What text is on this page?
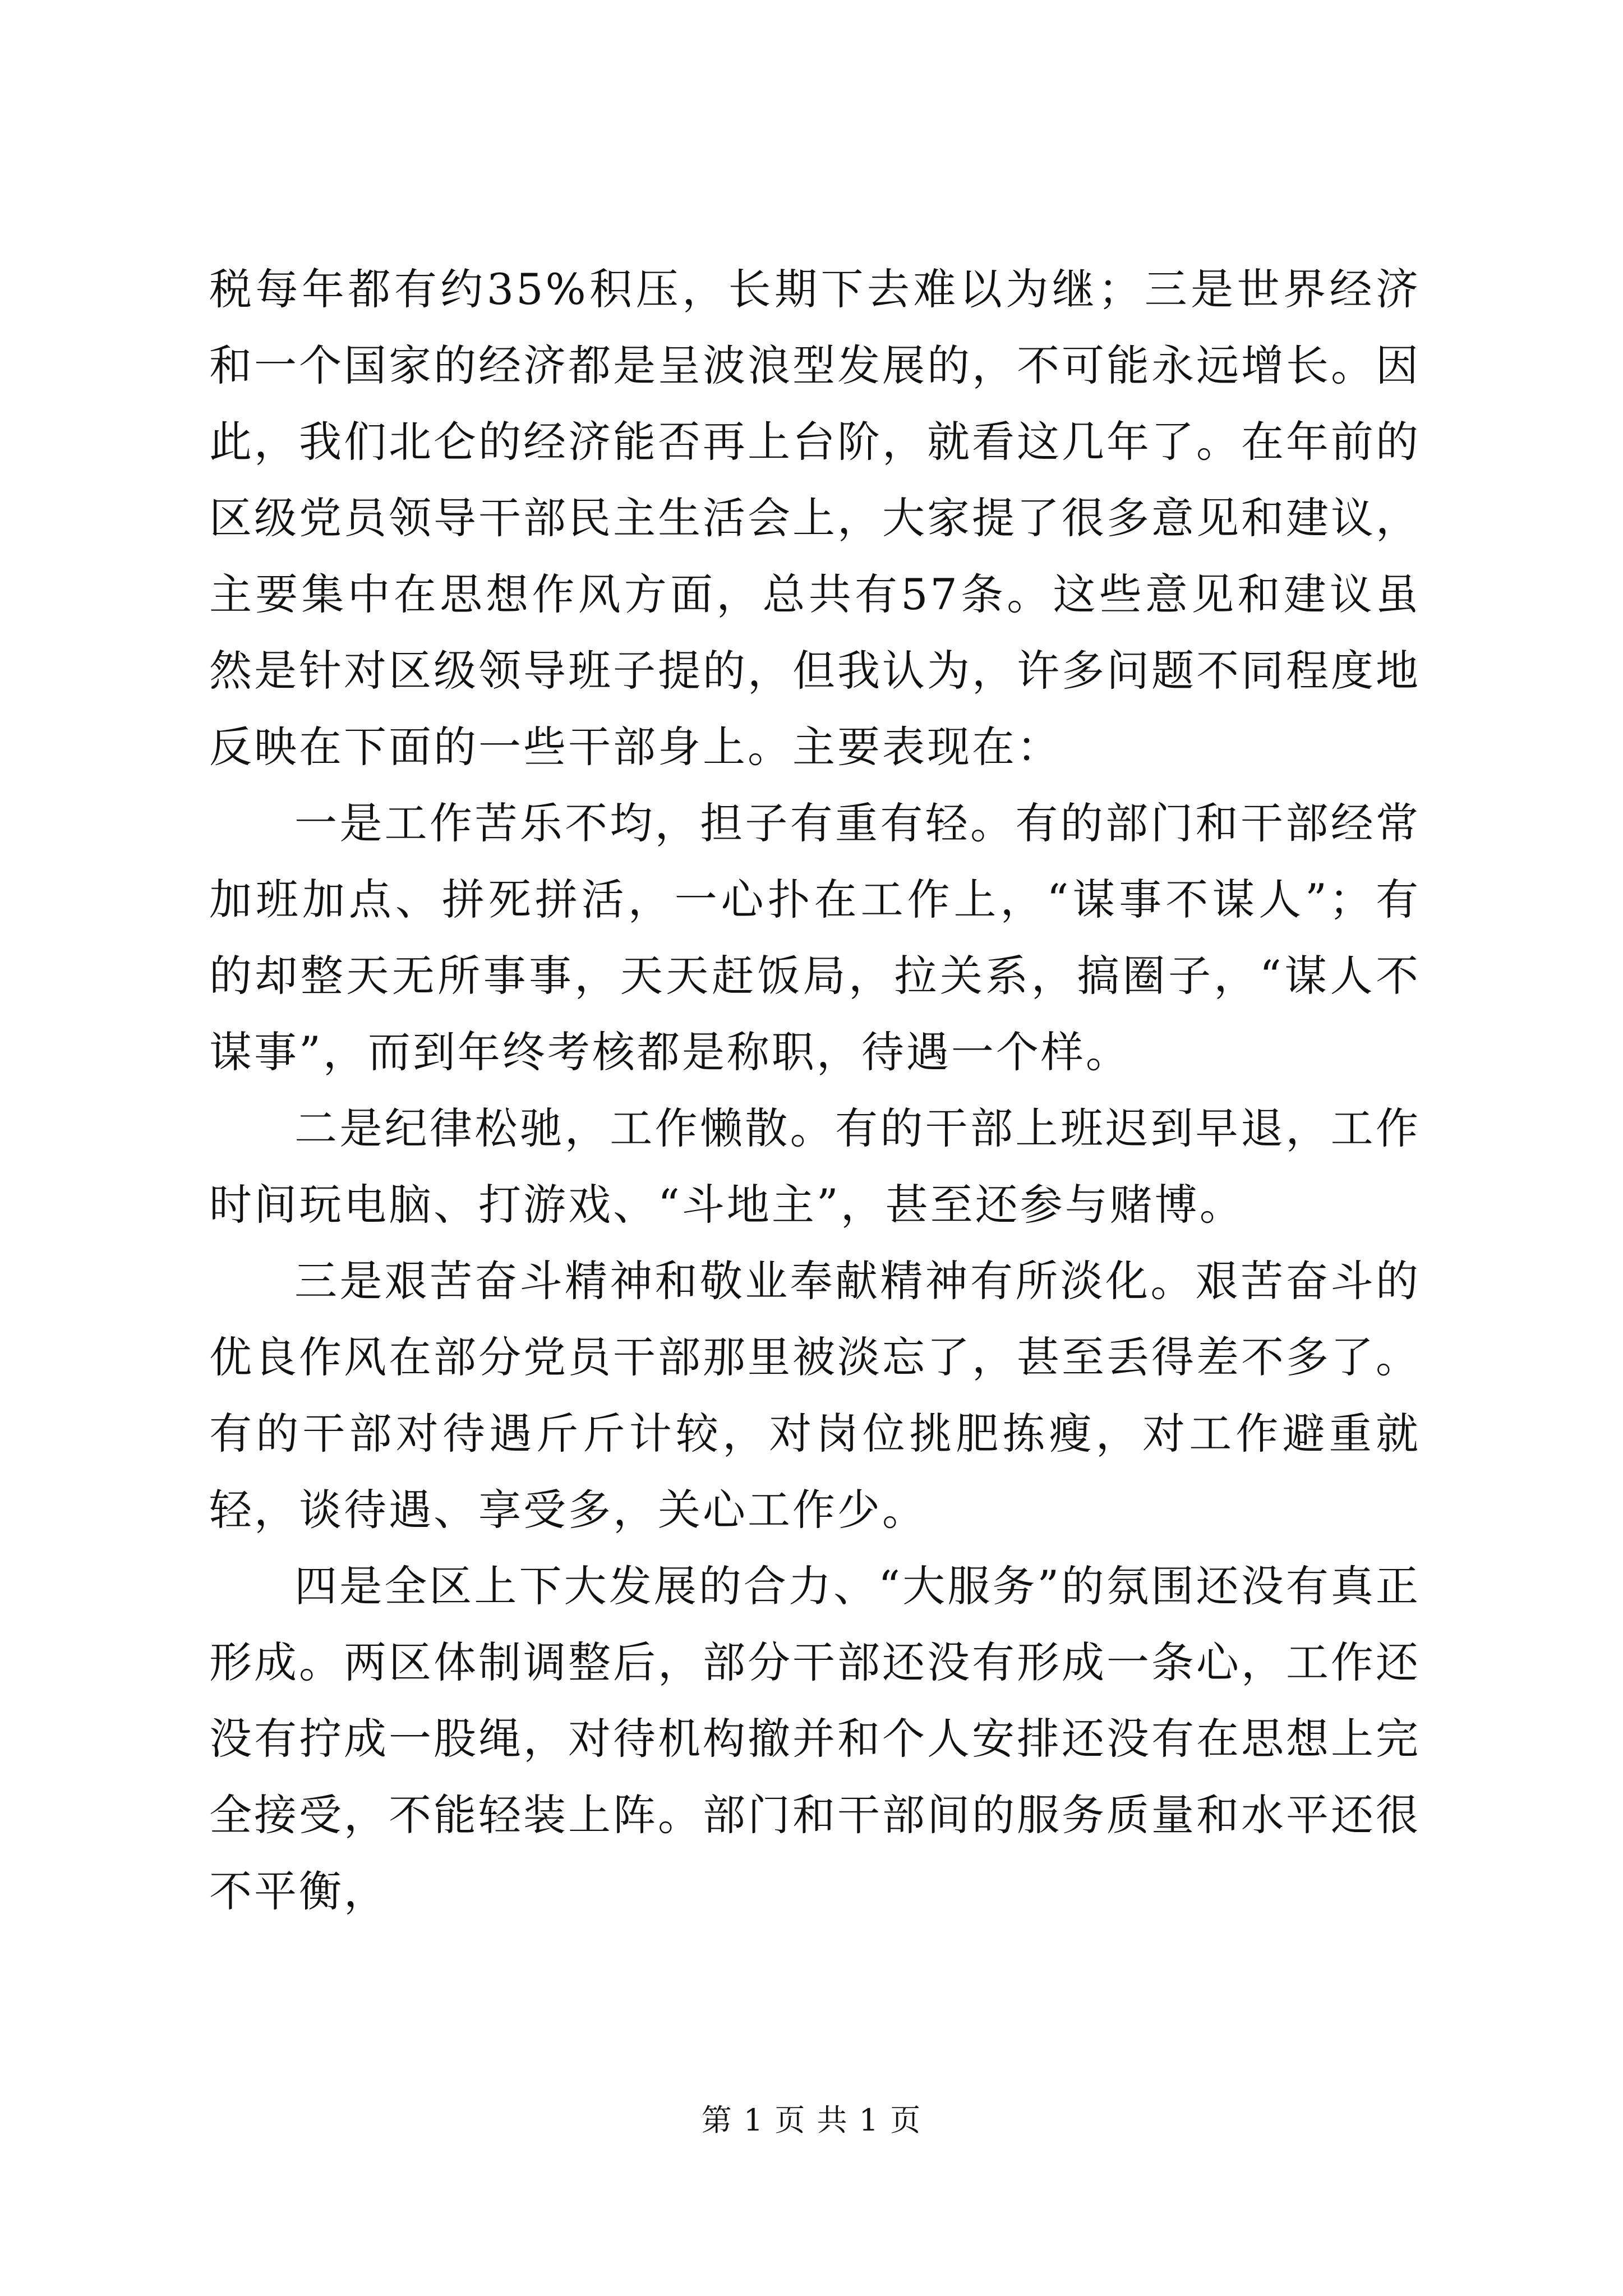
税每年都有约35%积压，长期下去难以为继；三是世界经济和一个国家的经济都是呈波浪型发展的，不可能永远增长。因此，我们北仑的经济能否再上台阶，就看这几年了。在年前的区级党员领导干部民主生活会上，大家提了很多意见和建议，主要集中在思想作风方面，总共有57条。这些意见和建议虽然是针对区级领导班子提的，但我认为，许多问题不同程度地反映在下面的一些干部身上。主要表现在：

一是工作苦乐不均，担子有重有轻。有的部门和干部经常加班加点、拼死拼活，一心扑在工作上，“谋事不谋人”；有的却整天无所事事，天天赶饭局，拉关系，搞圈子，“谋人不谋事”，而到年终考核都是称职，待遇一个样。

二是纪律松驰，工作懒散。有的干部上班迟到早退，工作时间玩电脑、打游戏、“斗地主”，甚至还参与赌博。

三是艰苦奋斗精神和敬业奉献精神有所淡化。艰苦奋斗的优良作风在部分党员干部那里被淡忘了，甚至丢得差不多了。有的干部对待遇斤斤计较，对岗位挑肥拣瘦，对工作避重就轻，谈待遇、享受多，关心工作少。

四是全区上下大发展的合力、“大服务”的氛围还没有真正形成。两区体制调整后，部分干部还没有形成一条心，工作还没有拧成一股绳，对待机构撤并和个人安排还没有在思想上完全接受，不能轻装上阵。部门和干部间的服务质量和水平还很不平衡，

第 1 页 共 1 页
